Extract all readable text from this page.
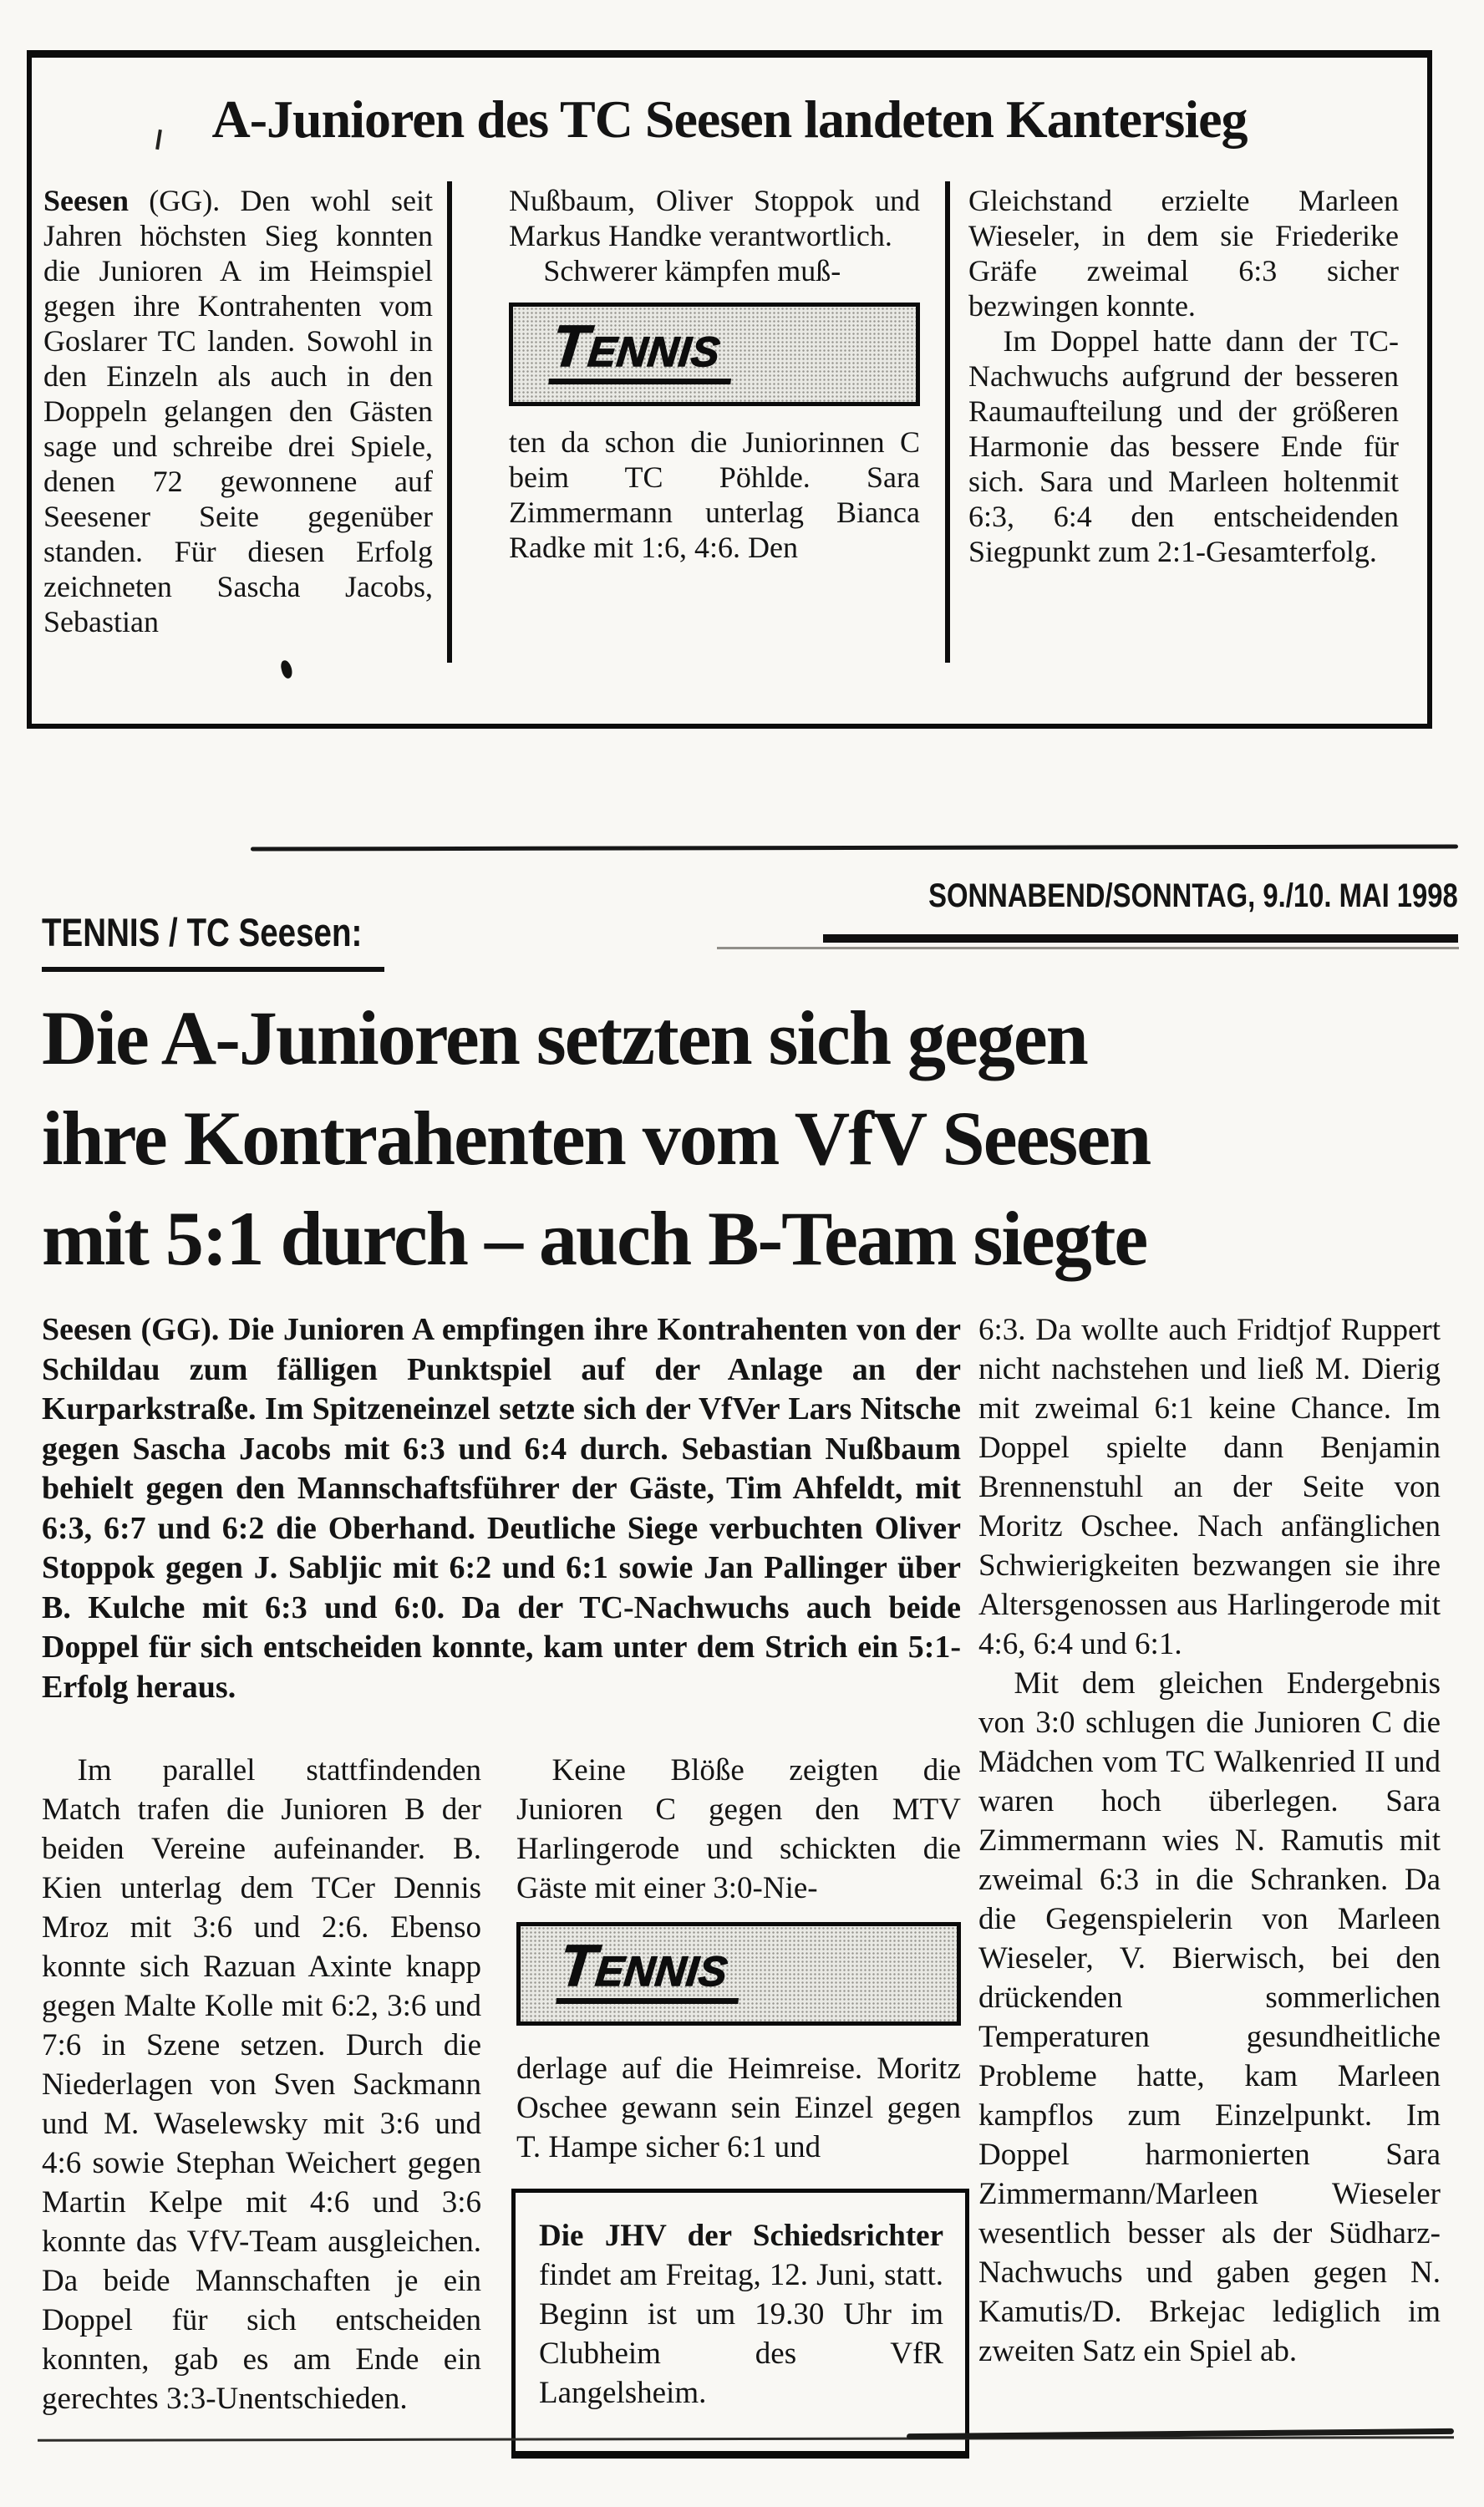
A-Junioren des TC Seesen landeten Kantersieg

Seesen (GG). Den wohl seit Jahren höchsten Sieg konnten die Junioren A im Heimspiel gegen ihre Kontrahenten vom Goslarer TC landen. Sowohl in den Einzeln als auch in den Doppeln gelangen den Gästen sage und schreibe drei Spiele, denen 72 gewonnene auf Seesener Seite gegenüber standen. Für diesen Erfolg zeichneten Sascha Jacobs, Sebastian

Nußbaum, Oliver Stoppok und Markus Handke verantwortlich.

Schwerer kämpfen muß-

TENNIS

ten da schon die Juniorinnen C beim TC Pöhlde. Sara Zimmermann unterlag Bianca Radke mit 1:6, 4:6. Den

Gleichstand erzielte Marleen Wieseler, in dem sie Friederike Gräfe zweimal 6:3 sicher bezwingen konnte.

Im Doppel hatte dann der TC-Nachwuchs aufgrund der besseren Raumaufteilung und der größeren Harmonie das bessere Ende für sich. Sara und Marleen holtenmit 6:3, 6:4 den entscheidenden Siegpunkt zum 2:1-Gesamterfolg.

SONNABEND/SONNTAG, 9./10. MAI 1998
TENNIS / TC Seesen:
Die A-Junioren setzten sich gegen
ihre Kontrahenten vom VfV Seesen
mit 5:1 durch – auch B-Team siegte
Seesen (GG). Die Junioren A empfingen ihre Kontrahenten von der Schildau zum fälligen Punktspiel auf der Anlage an der Kurparkstraße. Im Spitzeneinzel setzte sich der VfVer Lars Nitsche gegen Sascha Jacobs mit 6:3 und 6:4 durch. Sebastian Nußbaum behielt gegen den Mannschaftsführer der Gäste, Tim Ahfeldt, mit 6:3, 6:7 und 6:2 die Oberhand. Deutliche Siege verbuchten Oliver Stoppok gegen J. Sabljic mit 6:2 und 6:1 sowie Jan Pallinger über B. Kulche mit 6:3 und 6:0. Da der TC-Nachwuchs auch beide Doppel für sich entscheiden konnte, kam unter dem Strich ein 5:1-Erfolg heraus.

Im parallel stattfindenden Match trafen die Junioren B der beiden Vereine aufeinander. B. Kien unterlag dem TCer Dennis Mroz mit 3:6 und 2:6. Ebenso konnte sich Razuan Axinte knapp gegen Malte Kolle mit 6:2, 3:6 und 7:6 in Szene setzen. Durch die Niederlagen von Sven Sackmann und M. Waselewsky mit 3:6 und 4:6 sowie Stephan Weichert gegen Martin Kelpe mit 4:6 und 3:6 konnte das VfV-Team ausgleichen. Da beide Mannschaften je ein Doppel für sich entscheiden konnten, gab es am Ende ein gerechtes 3:3-Unentschieden.

Keine Blöße zeigten die Junioren C gegen den MTV Harlingerode und schickten die Gäste mit einer 3:0-Nie-

TENNIS

derlage auf die Heimreise. Moritz Oschee gewann sein Einzel gegen T. Hampe sicher 6:1 und

Die JHV der Schiedsrichter findet am Freitag, 12. Juni, statt. Beginn ist um 19.30 Uhr im Clubheim des VfR Langelsheim.

6:3. Da wollte auch Fridtjof Ruppert nicht nachstehen und ließ M. Dierig mit zweimal 6:1 keine Chance. Im Doppel spielte dann Benjamin Brennenstuhl an der Seite von Moritz Oschee. Nach anfänglichen Schwierigkeiten bezwangen sie ihre Altersgenossen aus Harlingerode mit 4:6, 6:4 und 6:1.

Mit dem gleichen Endergebnis von 3:0 schlugen die Junioren C die Mädchen vom TC Walkenried II und waren hoch überlegen. Sara Zimmermann wies N. Ramutis mit zweimal 6:3 in die Schranken. Da die Gegenspielerin von Marleen Wieseler, V. Bierwisch, bei den drückenden sommerlichen Temperaturen gesundheitliche Probleme hatte, kam Marleen kampflos zum Einzelpunkt. Im Doppel harmonierten Sara Zimmermann/Marleen Wieseler wesentlich besser als der Südharz-Nachwuchs und gaben gegen N. Kamutis/D. Brkejac lediglich im zweiten Satz ein Spiel ab.
